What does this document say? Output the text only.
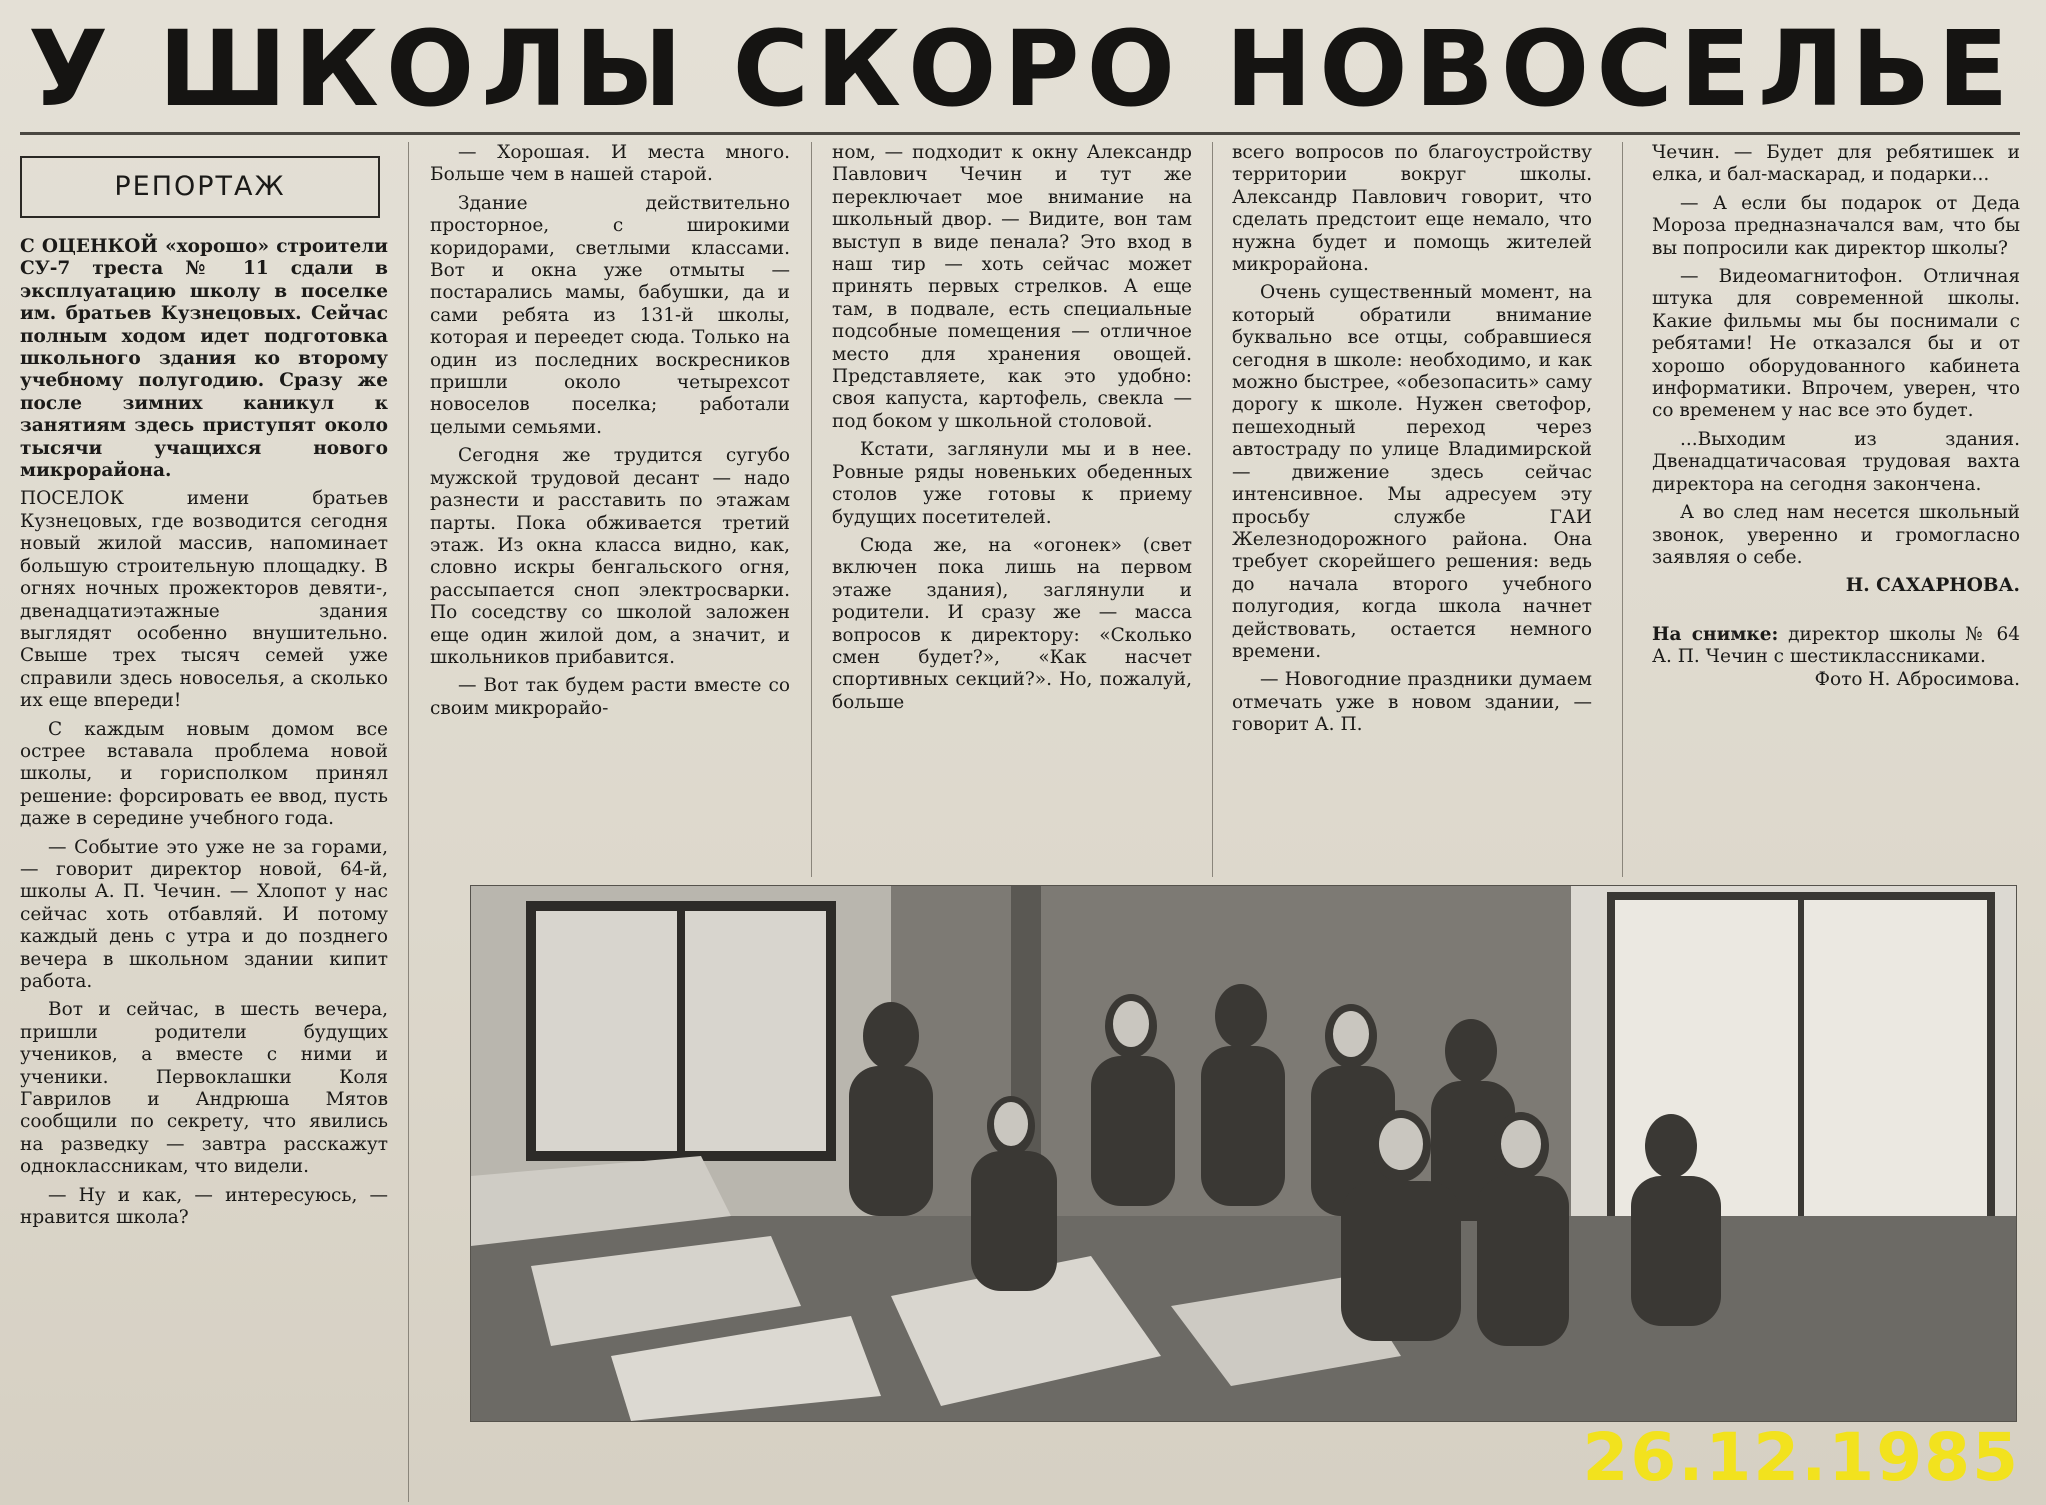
У ШКОЛЫ СКОРО НОВОСЕЛЬЕ
РЕПОРТАЖ

С ОЦЕНКОЙ «хорошо» строители СУ-7 треста № 11 сдали в эксплуатацию школу в поселке им. братьев Кузнецовых. Сейчас полным ходом идет подготовка школьного здания ко второму учебному полугодию. Сразу же после зимних каникул к занятиям здесь приступят около тысячи учащихся нового микрорайона.

ПОСЕЛОК имени братьев Кузнецовых, где возводится сегодня новый жилой массив, напоминает большую строительную площадку. В огнях ночных прожекторов девяти-, двенадцатиэтажные здания выглядят особенно внушительно. Свыше трех тысяч семей уже справили здесь новоселья, а сколько их еще впереди!

С каждым новым домом все острее вставала проблема новой школы, и горисполком принял решение: форсировать ее ввод, пусть даже в середине учебного года.

— Событие это уже не за горами, — говорит директор новой, 64-й, школы А. П. Чечин. — Хлопот у нас сейчас хоть отбавляй. И потому каждый день с утра и до позднего вечера в школьном здании кипит работа.

Вот и сейчас, в шесть вечера, пришли родители будущих учеников, а вместе с ними и ученики. Первоклашки Коля Гаврилов и Андрюша Мятов сообщили по секрету, что явились на разведку — завтра расскажут одноклассникам, что видели.

— Ну и как, — интересуюсь, — нравится школа?

— Хорошая. И места много. Больше чем в нашей старой.

Здание действительно просторное, с широкими коридорами, светлыми классами. Вот и окна уже отмыты — постарались мамы, бабушки, да и сами ребята из 131-й школы, которая и переедет сюда. Только на один из последних воскресников пришли около четырехсот новоселов поселка; работали целыми семьями.

Сегодня же трудится сугубо мужской трудовой десант — надо разнести и расставить по этажам парты. Пока обживается третий этаж. Из окна класса видно, как, словно искры бенгальского огня, рассыпается сноп электросварки. По соседству со школой заложен еще один жилой дом, а значит, и школьников прибавится.

— Вот так будем расти вместе со своим микрорайо-

ном, — подходит к окну Александр Павлович Чечин и тут же переключает мое внимание на школьный двор. — Видите, вон там выступ в виде пенала? Это вход в наш тир — хоть сейчас может принять первых стрелков. А еще там, в подвале, есть специальные подсобные помещения — отличное место для хранения овощей. Представляете, как это удобно: своя капуста, картофель, свекла — под боком у школьной столовой.

Кстати, заглянули мы и в нее. Ровные ряды новеньких обеденных столов уже готовы к приему будущих посетителей.

Сюда же, на «огонек» (свет включен пока лишь на первом этаже здания), заглянули и родители. И сразу же — масса вопросов к директору: «Сколько смен будет?», «Как насчет спортивных секций?». Но, пожалуй, больше

всего вопросов по благоустройству территории вокруг школы. Александр Павлович говорит, что сделать предстоит еще немало, что нужна будет и помощь жителей микрорайона.

Очень существенный момент, на который обратили внимание буквально все отцы, собравшиеся сегодня в школе: необходимо, и как можно быстрее, «обезопасить» саму дорогу к школе. Нужен светофор, пешеходный переход через автостраду по улице Владимирской — движение здесь сейчас интенсивное. Мы адресуем эту просьбу службе ГАИ Железнодорожного района. Она требует скорейшего решения: ведь до начала второго учебного полугодия, когда школа начнет действовать, остается немного времени.

— Новогодние праздники думаем отмечать уже в новом здании, — говорит А. П.

Чечин. — Будет для ребятишек и елка, и бал-маскарад, и подарки...

— А если бы подарок от Деда Мороза предназначался вам, что бы вы попросили как директор школы?

— Видеомагнитофон. Отличная штука для современной школы. Какие фильмы мы бы поснимали с ребятами! Не отказался бы и от хорошо оборудованного кабинета информатики. Впрочем, уверен, что со временем у нас все это будет.

...Выходим из здания. Двенадцатичасовая трудовая вахта директора на сегодня закончена.

А во след нам несется школьный звонок, уверенно и громогласно заявляя о себе.

Н. САХАРНОВА.
На снимке: директор школы № 64 А. П. Чечин с шестиклассниками.
Фото Н. Абросимова.
26.12.1985
